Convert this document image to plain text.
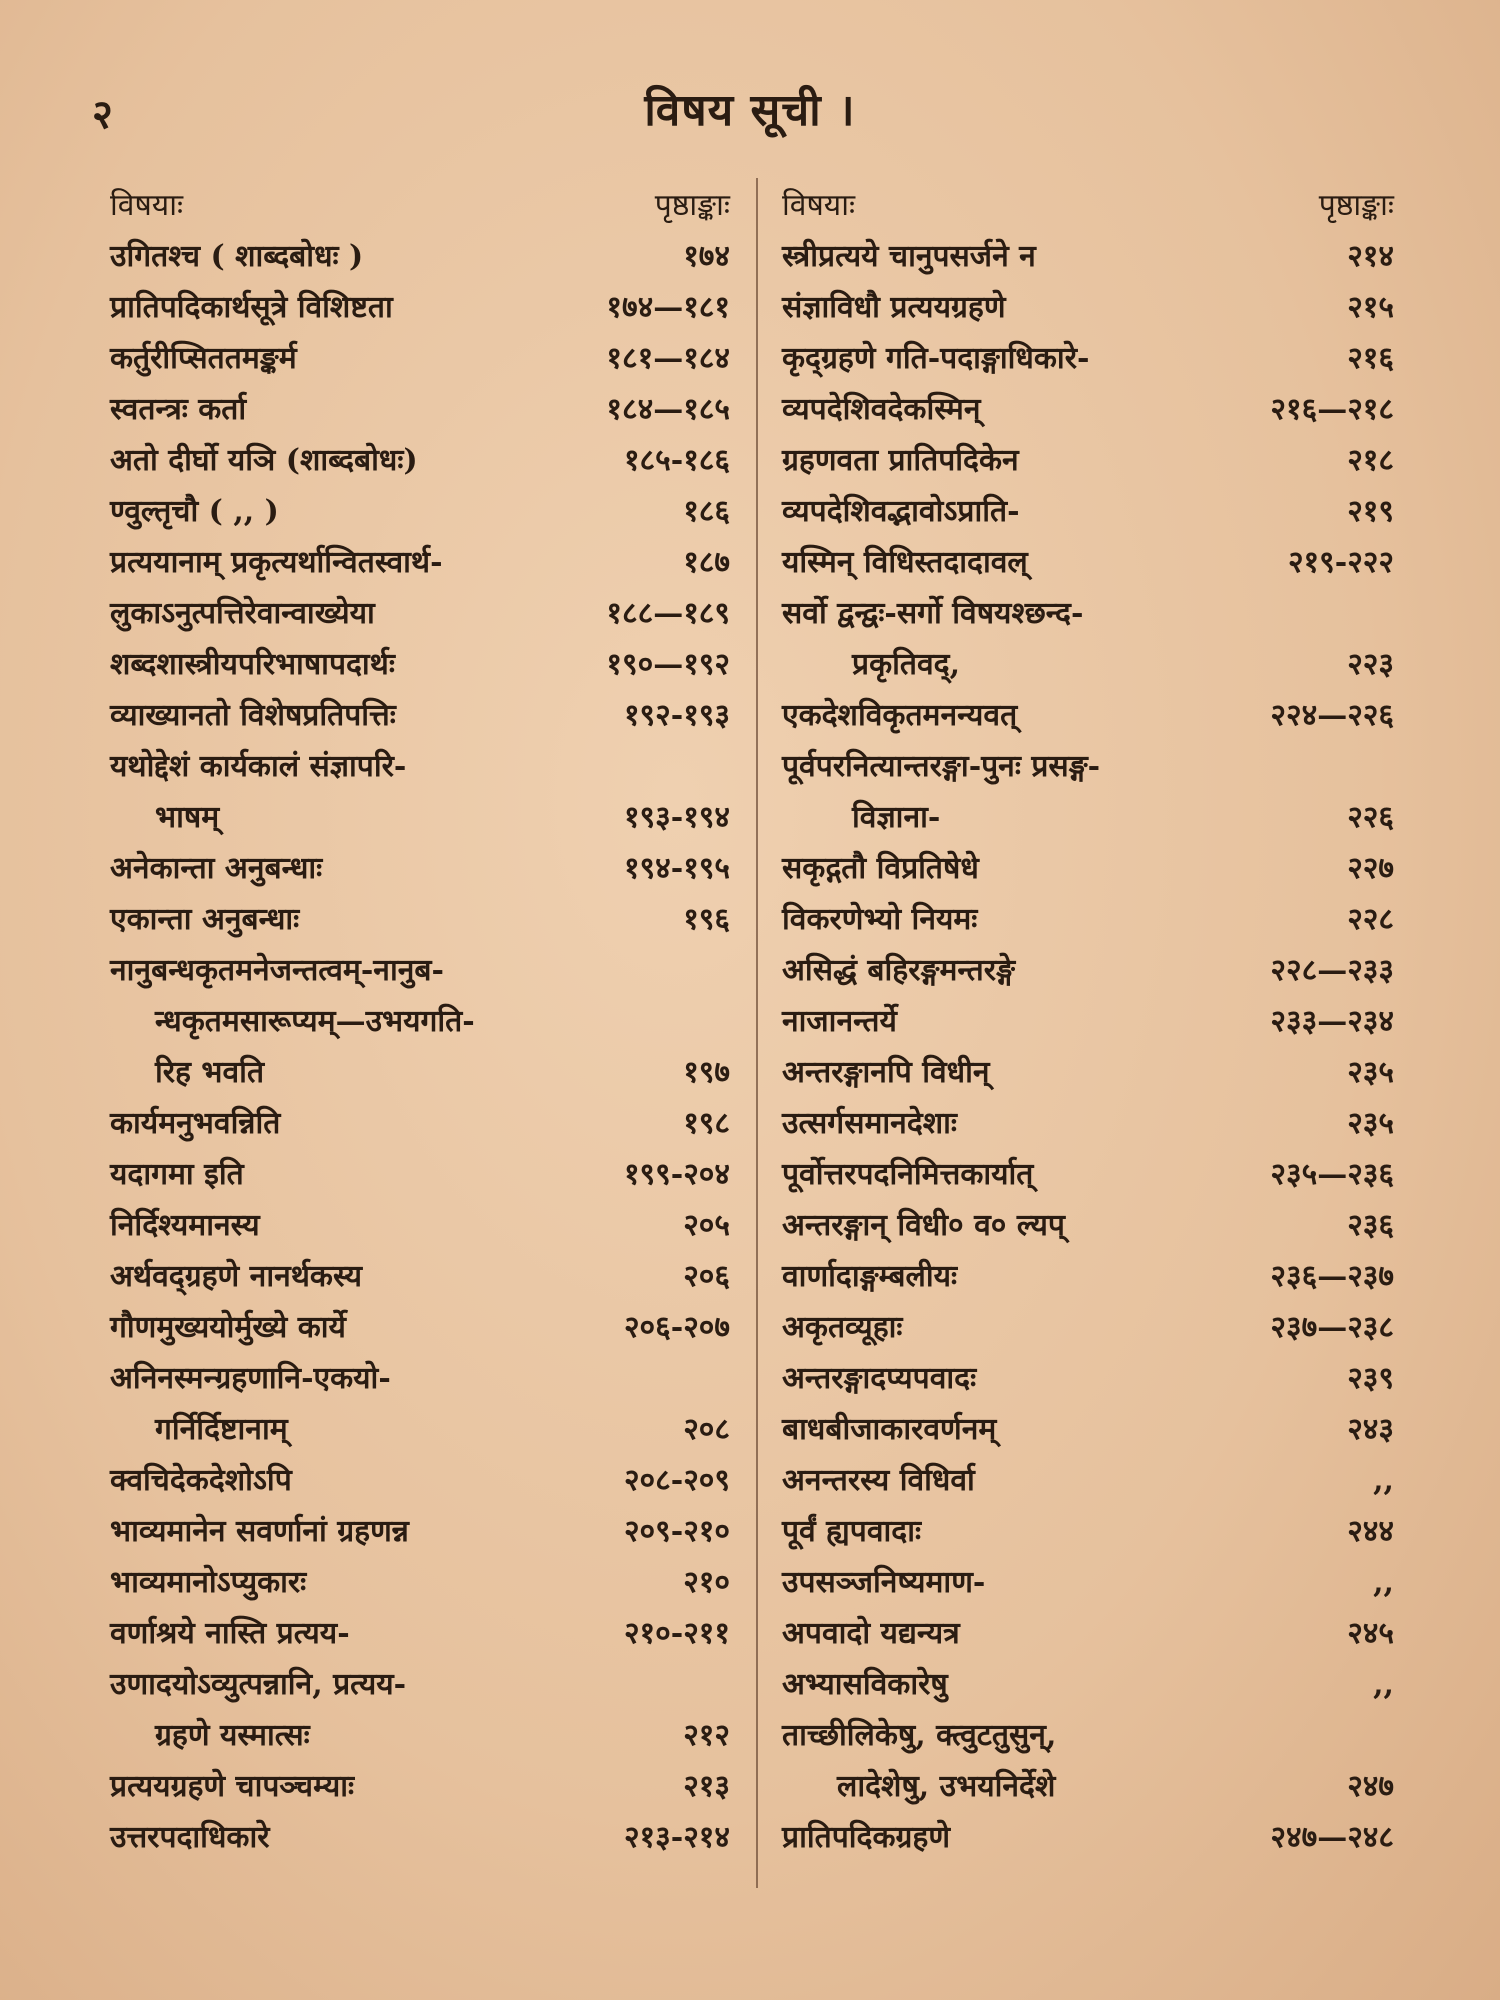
२	विषय सूची ।
विषयाः	पृष्ठाङ्काः
उगितश्च ( शाब्दबोधः )	१७४
प्रातिपदिकार्थसूत्रे विशिष्टता	१७४—१८१
कर्तुरीप्सिततमङ्कर्म	१८१—१८४
स्वतन्त्रः कर्ता	१८४—१८५
अतो दीर्घो यञि (शाब्दबोधः)	१८५-१८६
ण्वुल्तृचौ ( ,, )	१८६
प्रत्ययानाम् प्रकृत्यर्थान्वितस्वार्थ-	१८७
लुकाऽनुत्पत्तिरेवान्वाख्येया	१८८—१८९
शब्दशास्त्रीयपरिभाषापदार्थः	१९०—१९२
व्याख्यानतो विशेषप्रतिपत्तिः	१९२-१९३
यथोद्देशं कार्यकालं संज्ञापरि-
भाषम्	१९३-१९४
अनेकान्ता अनुबन्धाः	१९४-१९५
एकान्ता अनुबन्धाः	१९६
नानुबन्धकृतमनेजन्तत्वम्-नानुब-
न्धकृतमसारूप्यम्—उभयगति-
रिह भवति	१९७
कार्यमनुभवन्निति	१९८
यदागमा इति	१९९-२०४
निर्दिश्यमानस्य	२०५
अर्थवद्ग्रहणे नानर्थकस्य	२०६
गौणमुख्ययोर्मुख्ये कार्ये	२०६-२०७
अनिनस्मन्ग्रहणानि-एकयो-
गर्निर्दिष्टानाम्	२०८
क्वचिदेकदेशोऽपि	२०८-२०९
भाव्यमानेन सवर्णानां ग्रहणन्न	२०९-२१०
भाव्यमानोऽप्युकारः	२१०
वर्णाश्रये नास्ति प्रत्यय-	२१०-२११
उणादयोऽव्युत्पन्नानि, प्रत्यय-
ग्रहणे यस्मात्सः	२१२
प्रत्ययग्रहणे चापञ्चम्याः	२१३
उत्तरपदाधिकारे	२१३-२१४
विषयाः	पृष्ठाङ्काः
स्त्रीप्रत्यये चानुपसर्जने न	२१४
संज्ञाविधौ प्रत्ययग्रहणे	२१५
कृद्ग्रहणे गति-पदाङ्गाधिकारे-	२१६
व्यपदेशिवदेकस्मिन्	२१६—२१८
ग्रहणवता प्रातिपदिकेन	२१८
व्यपदेशिवद्भावोऽप्राति-	२१९
यस्मिन् विधिस्तदादावल्	२१९-२२२
सर्वो द्वन्द्वः-सर्गो विषयश्छन्द-
प्रकृतिवद्,	२२३
एकदेशविकृतमनन्यवत्	२२४—२२६
पूर्वपरनित्यान्तरङ्गा-पुनः प्रसङ्ग-
विज्ञाना-	२२६
सकृद्गतौ विप्रतिषेधे	२२७
विकरणेभ्यो नियमः	२२८
असिद्धं बहिरङ्गमन्तरङ्गे	२२८—२३३
नाजानन्तर्ये	२३३—२३४
अन्तरङ्गानपि विधीन्	२३५
उत्सर्गसमानदेशाः	२३५
पूर्वोत्तरपदनिमित्तकार्यात्	२३५—२३६
अन्तरङ्गान् विधी० व० ल्यप्	२३६
वार्णादाङ्गम्बलीयः	२३६—२३७
अकृतव्यूहाः	२३७—२३८
अन्तरङ्गादप्यपवादः	२३९
बाधबीजाकारवर्णनम्	२४३
अनन्तरस्य विधिर्वा	,,
पूर्वं ह्यपवादाः	२४४
उपसञ्जनिष्यमाण-	,,
अपवादो यद्यन्यत्र	२४५
अभ्यासविकारेषु	,,
ताच्छीलिकेषु, क्त्वुटतुसुन्,
लादेशेषु, उभयनिर्देशे	२४७
प्रातिपदिकग्रहणे	२४७—२४८
